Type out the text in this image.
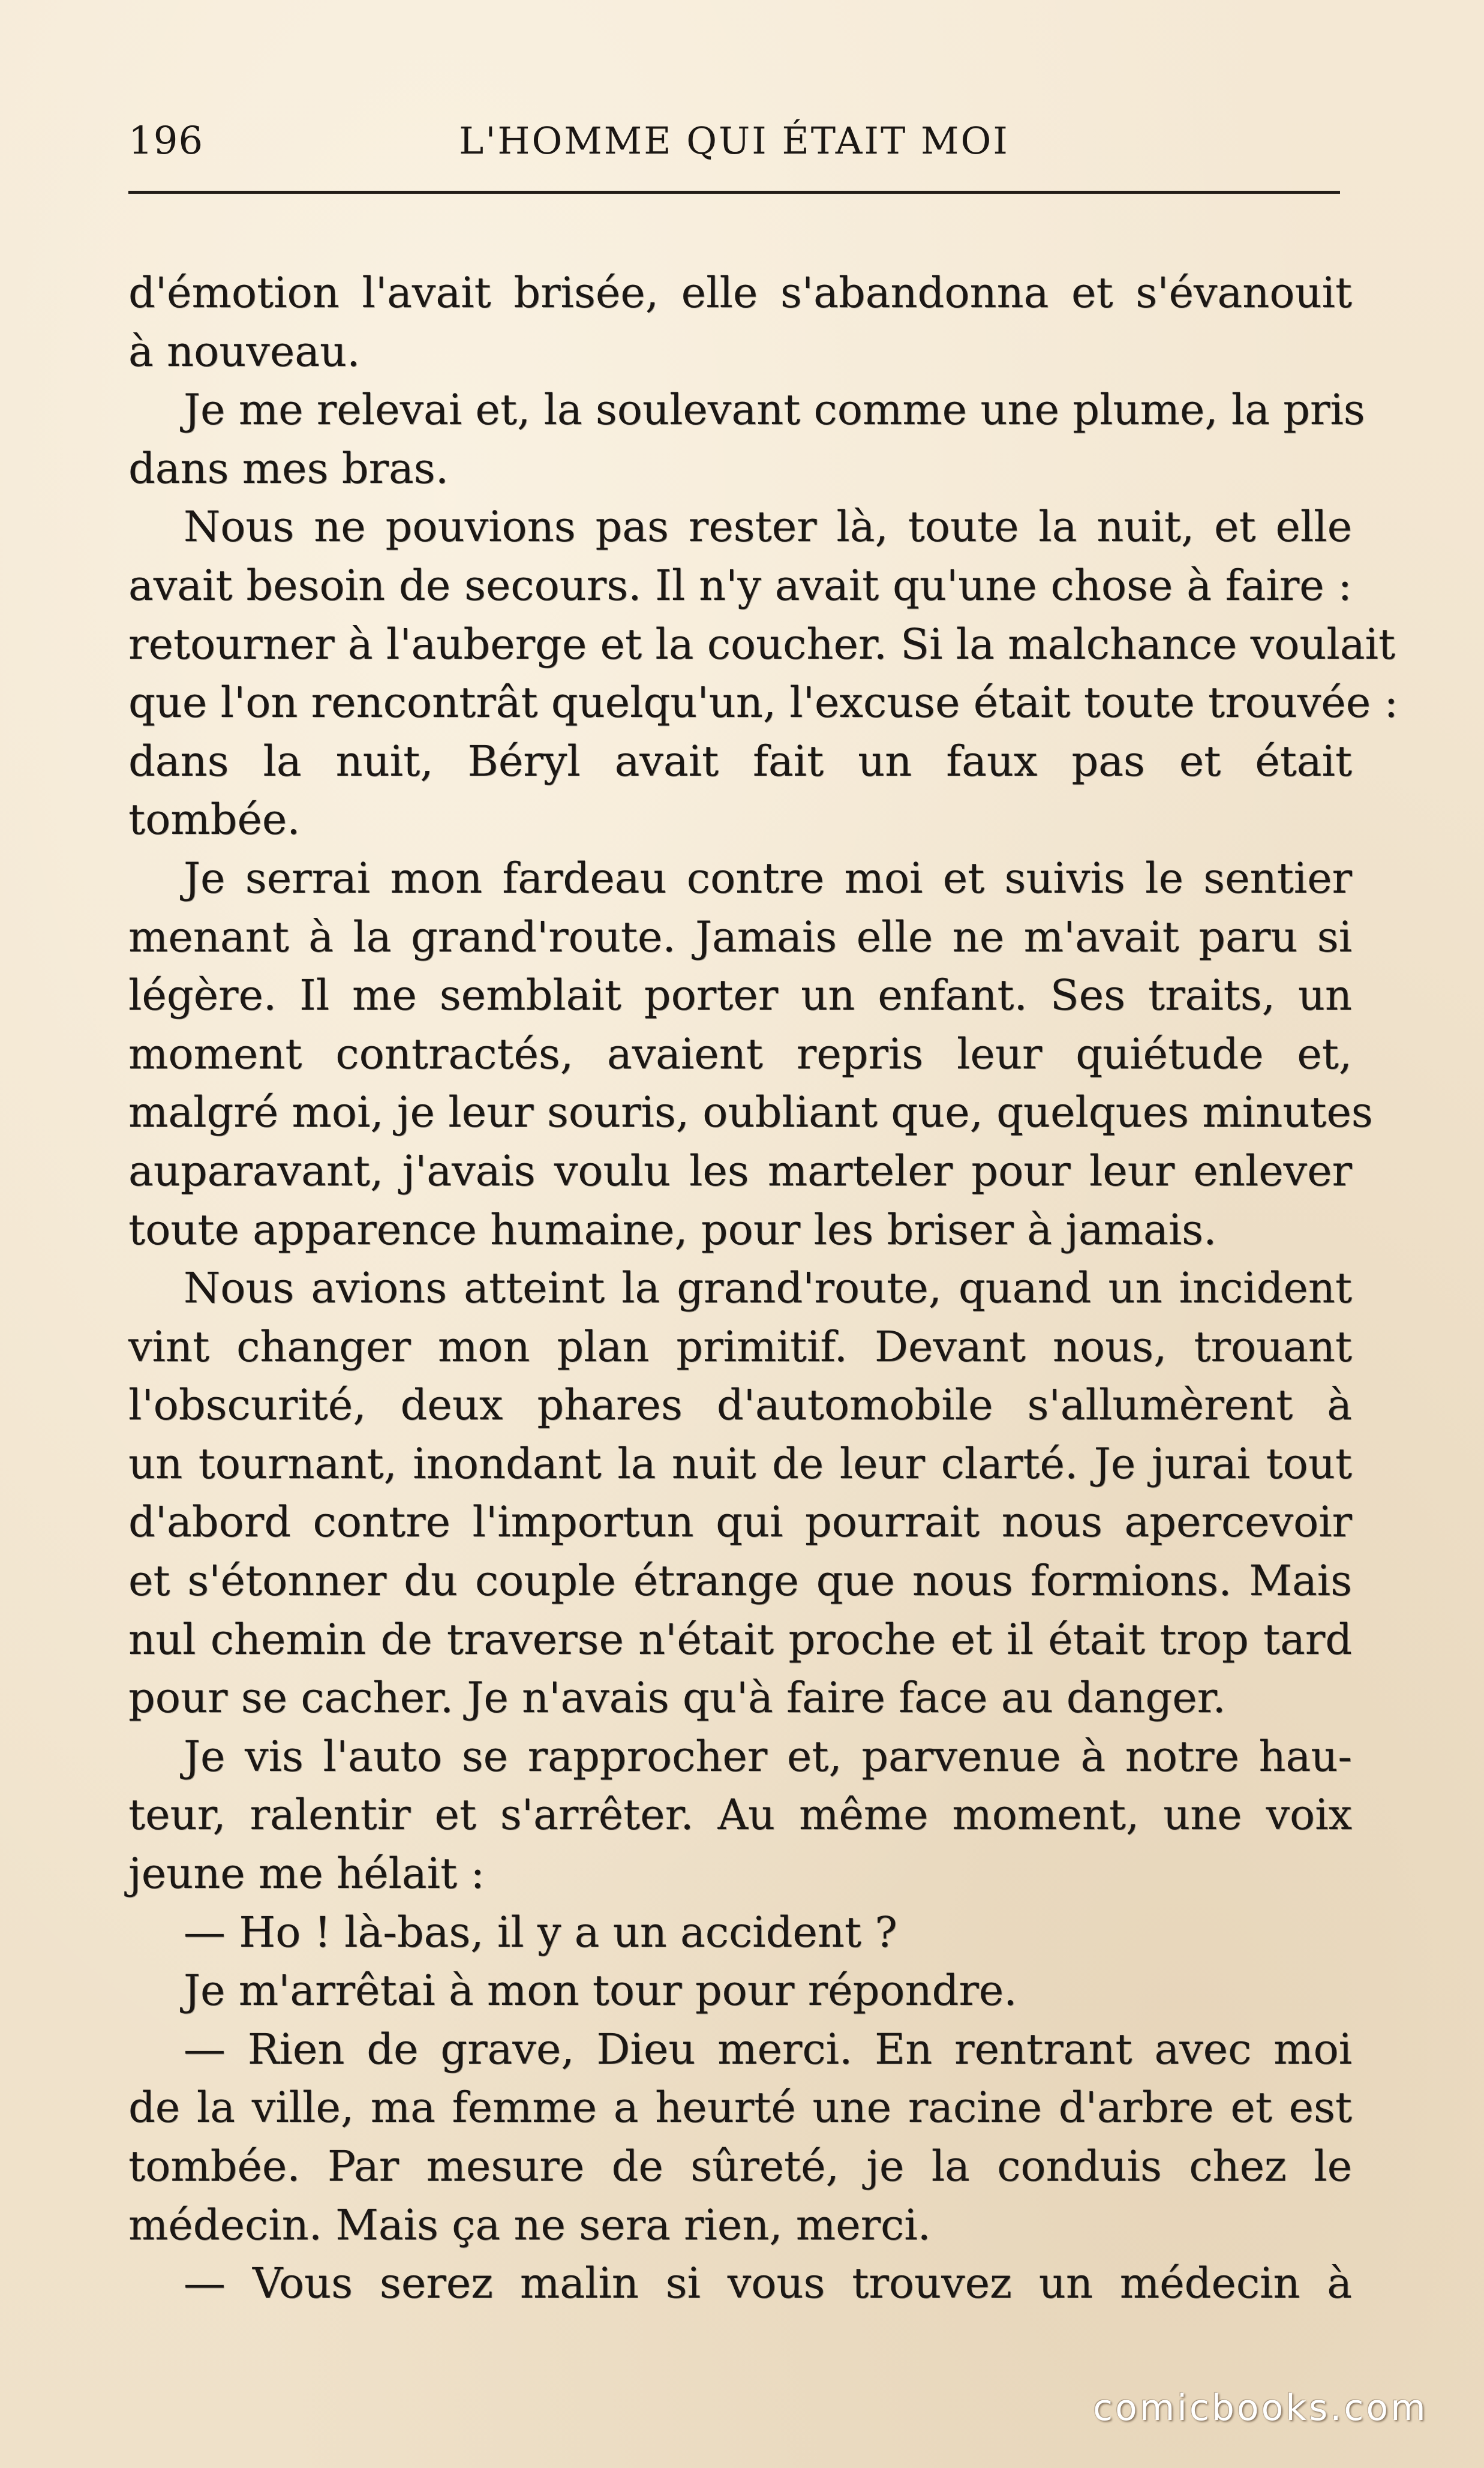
196	L'HOMME QUI ÉTAIT MOI
d'émotion l'avait brisée, elle s'abandonna et s'évanouit
à nouveau.
Je me relevai et, la soulevant comme une plume, la pris
dans mes bras.
Nous ne pouvions pas rester là, toute la nuit, et elle
avait besoin de secours. Il n'y avait qu'une chose à faire :
retourner à l'auberge et la coucher. Si la malchance voulait
que l'on rencontrât quelqu'un, l'excuse était toute trouvée :
dans la nuit, Béryl avait fait un faux pas et était
tombée.
Je serrai mon fardeau contre moi et suivis le sentier
menant à la grand'route. Jamais elle ne m'avait paru si
légère. Il me semblait porter un enfant. Ses traits, un
moment contractés, avaient repris leur quiétude et,
malgré moi, je leur souris, oubliant que, quelques minutes
auparavant, j'avais voulu les marteler pour leur enlever
toute apparence humaine, pour les briser à jamais.
Nous avions atteint la grand'route, quand un incident
vint changer mon plan primitif. Devant nous, trouant
l'obscurité, deux phares d'automobile s'allumèrent à
un tournant, inondant la nuit de leur clarté. Je jurai tout
d'abord contre l'importun qui pourrait nous apercevoir
et s'étonner du couple étrange que nous formions. Mais
nul chemin de traverse n'était proche et il était trop tard
pour se cacher. Je n'avais qu'à faire face au danger.
Je vis l'auto se rapprocher et, parvenue à notre hau-
teur, ralentir et s'arrêter. Au même moment, une voix
jeune me hélait :
— Ho ! là-bas, il y a un accident ?
Je m'arrêtai à mon tour pour répondre.
— Rien de grave, Dieu merci. En rentrant avec moi
de la ville, ma femme a heurté une racine d'arbre et est
tombée. Par mesure de sûreté, je la conduis chez le
médecin. Mais ça ne sera rien, merci.
— Vous serez malin si vous trouvez un médecin à
comicbooks.com
